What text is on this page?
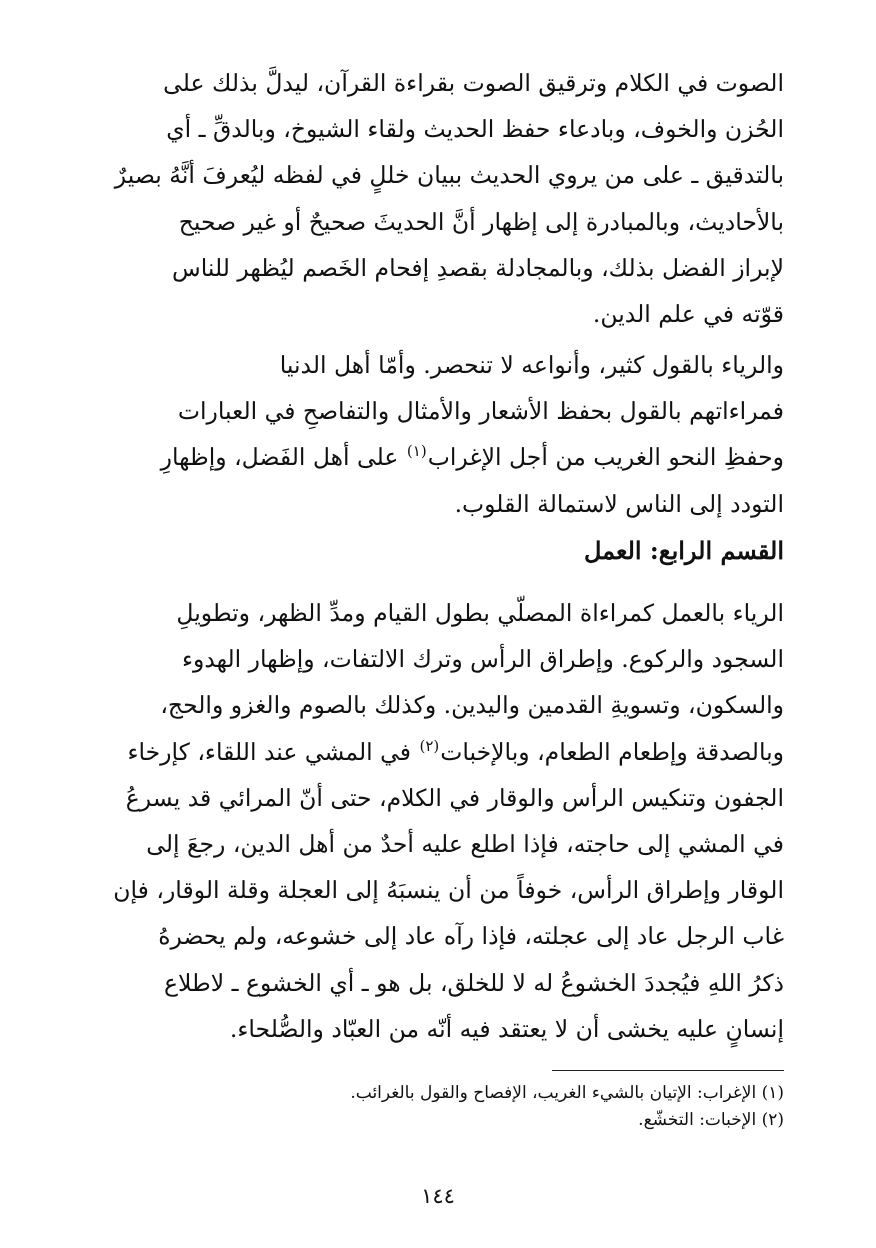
الصوت في الكلام وترقيق الصوت بقراءة القرآن، ليدلَّ بذلك على
الحُزن والخوف، وبادعاء حفظ الحديث ولقاء الشيوخ، وبالدقِّ ـ أي
بالتدقيق ـ على من يروي الحديث ببيان خللٍ في لفظه ليُعرفَ أنَّهُ بصيرٌ
بالأحاديث، وبالمبادرة إلى إظهار أنَّ الحديثَ صحيحٌ أو غير صحيح
لإبراز الفضل بذلك، وبالمجادلة بقصدِ إفحام الخَصم ليُظهر للناس
قوّته في علم الدين.
والرياء بالقول كثير، وأنواعه لا تنحصر. وأمّا أهل الدنيا
فمراءاتهم بالقول بحفظ الأشعار والأمثال والتفاصحِ في العبارات
وحفظِ النحو الغريب من أجل الإغراب$^{(١)}$ على أهل الفَضل، وإظهارِ
التودد إلى الناس لاستمالة القلوب.
القسم الرابع: العمل
الرياء بالعمل كمراءاة المصلّي بطول القيام ومدِّ الظهر، وتطويلِ
السجود والركوع. وإطراق الرأس وترك الالتفات، وإظهار الهدوء
والسكون، وتسويةِ القدمين واليدين. وكذلك بالصوم والغزو والحج،
وبالصدقة وإطعام الطعام، وبالإخبات$^{(٢)}$ في المشي عند اللقاء، كإرخاء
الجفون وتنكيس الرأس والوقار في الكلام، حتى أنّ المرائي قد يسرعُ
في المشي إلى حاجته، فإذا اطلع عليه أحدٌ من أهل الدين، رجعَ إلى
الوقار وإطراق الرأس، خوفاً من أن ينسبَهُ إلى العجلة وقلة الوقار، فإن
غاب الرجل عاد إلى عجلته، فإذا رآه عاد إلى خشوعه، ولم يحضرهُ
ذكرُ اللهِ فيُجددَ الخشوعُ له لا للخلق، بل هو ـ أي الخشوع ـ لاطلاع
إنسانٍ عليه يخشى أن لا يعتقد فيه أنّه من العبّاد والصُّلحاء.
(١) الإغراب: الإتيان بالشيء الغريب، الإفصاح والقول بالغرائب.
(٢) الإخبات: التخشّع.
١٤٤
